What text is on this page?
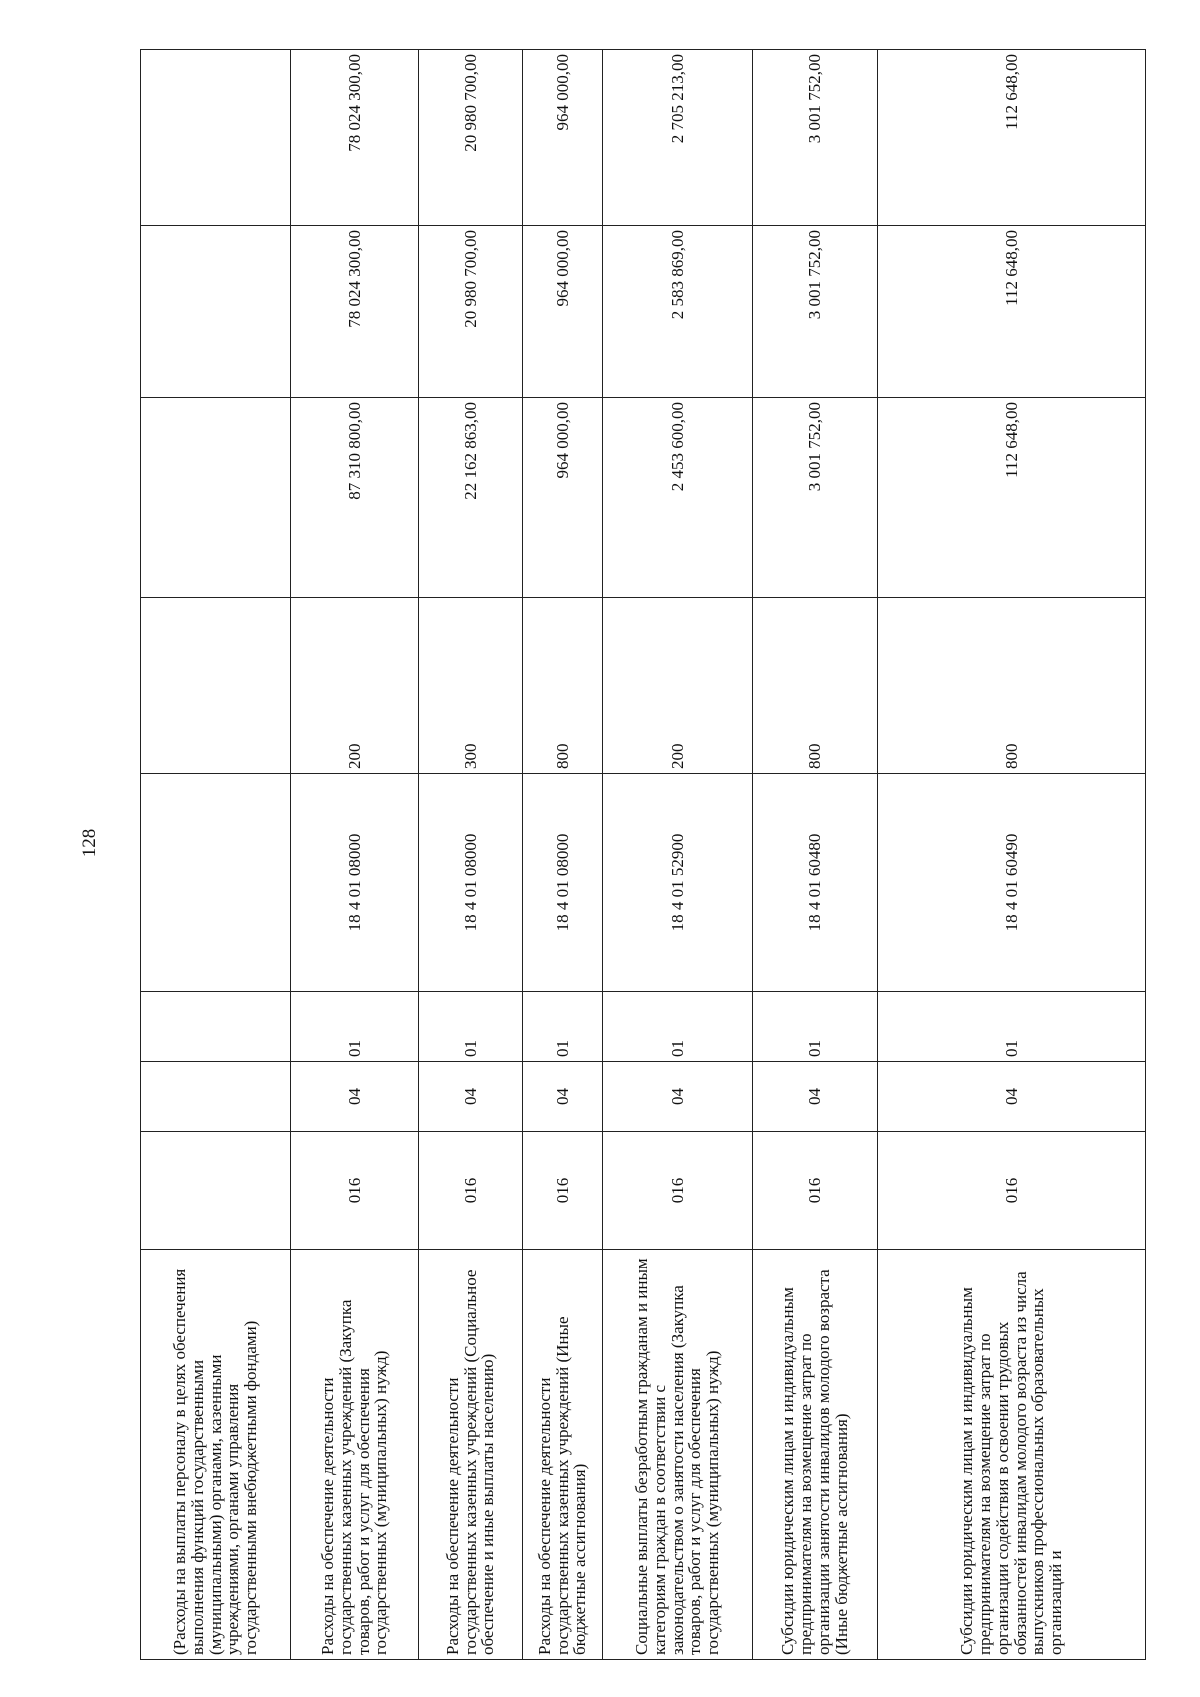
128
(Расходы на выплаты персоналу в целях обеспечения выполнения функций государственными (муниципальными) органами, казенными учреждениями, органами управления государственными внебюджетными фондами)								
Расходы на обеспечение деятельности государственных казенных учреждений (Закупка товаров, работ и услуг для обеспечения государственных (муниципальных) нужд)	016	04	01	18 4 01 08000	200	87 310 800,00	78 024 300,00	78 024 300,00
Расходы на обеспечение деятельности государственных казенных учреждений (Социальное обеспечение и иные выплаты населению)	016	04	01	18 4 01 08000	300	22 162 863,00	20 980 700,00	20 980 700,00
Расходы на обеспечение деятельности государственных казенных учреждений (Иные бюджетные ассигнования)	016	04	01	18 4 01 08000	800	964 000,00	964 000,00	964 000,00
Социальные выплаты безработным гражданам и иным категориям граждан в соответствии с законодательством о занятости населения (Закупка товаров, работ и услуг для обеспечения государственных (муниципальных) нужд)	016	04	01	18 4 01 52900	200	2 453 600,00	2 583 869,00	2 705 213,00
Субсидии юридическим лицам и индивидуальным предпринимателям на возмещение затрат по организации занятости инвалидов молодого возраста (Иные бюджетные ассигнования)	016	04	01	18 4 01 60480	800	3 001 752,00	3 001 752,00	3 001 752,00
Субсидии юридическим лицам и индивидуальным предпринимателям на возмещение затрат по организации содействия в освоении трудовых обязанностей инвалидам молодого возраста из числа выпускников профессиональных образовательных организаций и	016	04	01	18 4 01 60490	800	112 648,00	112 648,00	112 648,00
